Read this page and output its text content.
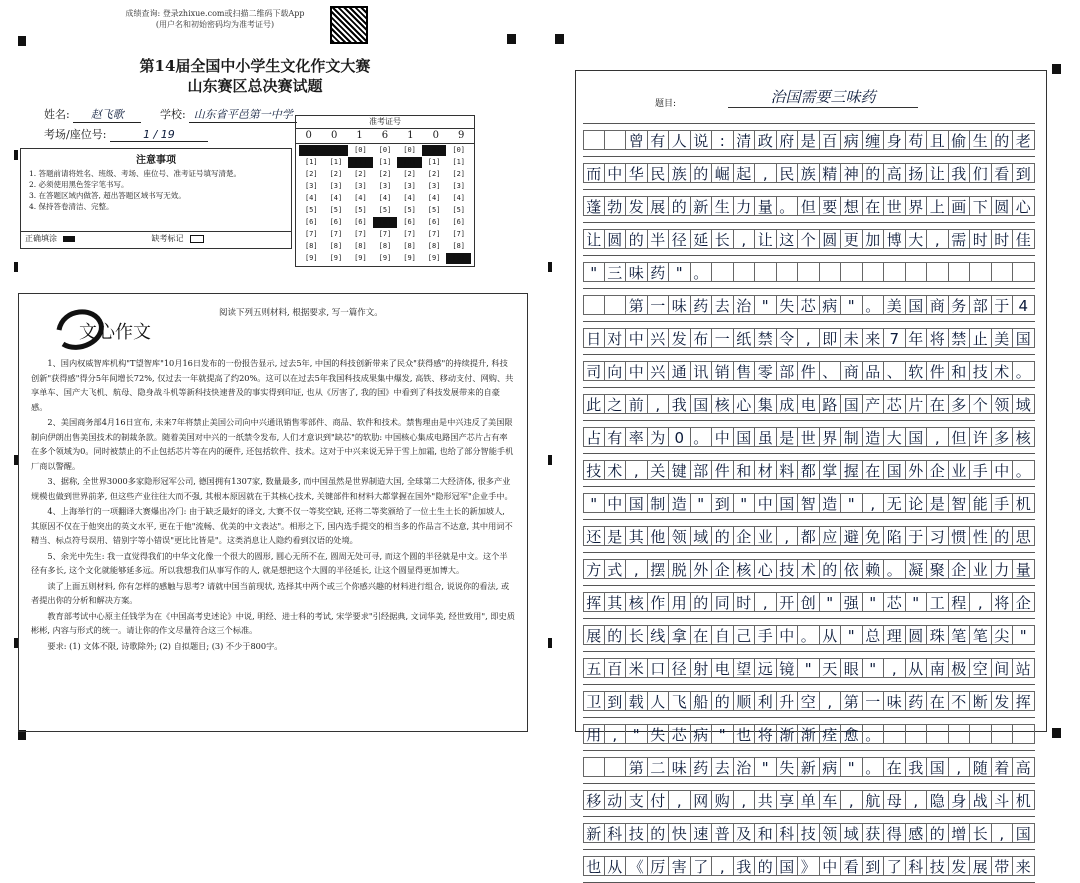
成绩查询: 登录zhixue.com或扫描二维码下载App
(用户名和初始密码均为准考证号)
第14届全国中小学生文化作文大赛
山东赛区总决赛试题
姓名: 赵飞歌	学校: 山东省平邑第一中学
考场/座位号:	1 / 19
注意事项
1. 答题前请将姓名、班级、考场、座位号、准考证号填写清楚。
2. 必须使用黑色签字笔书写。
3. 在答题区域内做答, 超出答题区域书写无效。
4. 保持答卷清洁、完整。
正确填涂	缺考标记
准考证号
0 0 1 6 1 0 9
[0]	[0]	[0]	[0]	[0]	[0]	[0]
[1]	[1]	[1]	[1]	[1]	[1]	[1]
[2]	[2]	[2]	[2]	[2]	[2]	[2]
[3]	[3]	[3]	[3]	[3]	[3]	[3]
[4]	[4]	[4]	[4]	[4]	[4]	[4]
[5]	[5]	[5]	[5]	[5]	[5]	[5]
[6]	[6]	[6]	[6]	[6]	[6]	[6]
[7]	[7]	[7]	[7]	[7]	[7]	[7]
[8]	[8]	[8]	[8]	[8]	[8]	[8]
[9]	[9]	[9]	[9]	[9]	[9]	[9]
文心作文
阅读下列五则材料, 根据要求, 写一篇作文。

1、国内权威智库机构"T望智库"10月16日发布的一份报告显示, 过去5年, 中国的科技创新带来了民众"获得感"的持续提升, 科技创新"获得感"得分5年间增长72%, 仅过去一年就提高了约20%。这可以在过去5年我国科技成果集中爆发, 高铁、移动支付、网购、共享单车、国产大飞机、航母、隐身战斗机等新科技快速普及的事实得到印证, 也从《厉害了, 我的国》中看到了科技发展带来的自豪感。

2、美国商务部4月16日宣布, 未来7年将禁止美国公司向中兴通讯销售零部件、商品、软件和技术。禁售理由是中兴违反了美国限制向伊朗出售美国技术的制裁条款。随着美国对中兴的一纸禁令发布, 人们才意识到"缺芯"的软肋: 中国核心集成电路国产芯片占有率在多个领域为0。同时被禁止的不止包括芯片等在内的硬件, 还包括软件、技术。这对于中兴来说无异于雪上加霜, 也给了部分智能手机厂商以警醒。

3、据称, 全世界3000多家隐形冠军公司, 德国拥有1307家, 数量最多, 而中国虽然是世界制造大国, 全球第二大经济体, 很多产业规模也做到世界前茅, 但这些产业往往大而不强, 其根本原因就在于其核心技术, 关键部件和材料大都掌握在国外"隐形冠军"企业手中。

4、上海举行的一项翻译大赛爆出冷门: 由于缺乏最好的译文, 大赛不仅一等奖空缺, 还将二等奖颁给了一位土生土长的新加坡人, 其原因不仅在于他突出的英文水平, 更在于他"流畅、优美的中文表达"。相形之下, 国内选手提交的相当多的作品言不达意, 其中用词不精当、标点符号误用、错别字等小错误"更比比皆是"。这类消息让人隐约看到汉语的处境。

5、余光中先生: 我一直觉得我们的中华文化像一个很大的圆形, 圆心无所不在, 圆周无处可寻, 而这个圆的半径就是中文。这个半径有多长, 这个文化就能够延多远。所以我想我们从事写作的人, 就是想把这个大圆的半径延长, 让这个圆显得更加博大。

读了上面五则材料, 你有怎样的感触与思考? 请就中国当前现状, 选择其中两个或三个你感兴趣的材料进行组合, 说说你的看法, 或者提出你的分析和解决方案。

教育部考试中心原主任钱学为在《中国高考史述论》中说, 明经、进士科的考试, 宋学要求"引经据典, 文词华美, 经世致用", 即史质彬彬, 内容与形式的统一。请让你的作文尽量符合这三个标准。

要求: (1) 文体不限, 诗歌除外; (2) 自拟题目; (3) 不少于800字。

题目:	治国需要三味药
曾 有 人 说 : 清 政 府 是 百 病 缠 身 苟 且 偷 生 的 老
而 中 华 民 族 的 崛 起 , 民 族 精 神 的 高 扬 让 我 们 看 到
蓬 勃 发 展 的 新 生 力 量 。 但 要 想 在 世 界 上 画 下 圆 心
让 圆 的 半 径 延 长 , 让 这 个 圆 更 加 博 大 , 需 时 时 佳
" 三 味 药 " 。
第 一 味 药 去 治 " 失 芯 病 " 。 美 国 商 务 部 于 4
日 对 中 兴 发 布 一 纸 禁 令 , 即 未 来 7 年 将 禁 止 美 国
司 向 中 兴 通 讯 销 售 零 部 件 、 商 品 、 软 件 和 技 术 。
此 之 前 , 我 国 核 心 集 成 电 路 国 产 芯 片 在 多 个 领 域
占 有 率 为 0 。 中 国 虽 是 世 界 制 造 大 国 , 但 许 多 核
技 术 , 关 键 部 件 和 材 料 都 掌 握 在 国 外 企 业 手 中 。
" 中 国 制 造 " 到 " 中 国 智 造 "	, 无 论 是 智 能 手 机
还 是 其 他 领 域 的 企 业 , 都 应 避 免 陷 于 习 惯 性 的 思
方 式 , 摆 脱 外 企 核 心 技 术 的 依 赖 。 凝 聚 企 业 力 量
挥 其 核 作 用 的 同 时 , 开 创 " 强 " 芯 " 工 程 , 将 企
展 的 长 线 拿 在 自 己 手 中 。 从 " 总 理 圆 珠 笔 笔 尖 "
五 百 米 口 径 射 电 望 远 镜 " 天 眼 "	, 从 南 极 空 间 站
卫 到 载 人 飞 船 的 顺 利 升 空 , 第 一 味 药 在 不 断 发 挥
用 ,	" 失 芯 病 " 也 将 渐 渐 痊 愈 。
第 二 味 药 去 治 " 失 新 病 " 。 在 我 国 , 随 着 高
移 动 支 付 , 网 购 , 共 享 单 车 , 航 母 , 隐 身 战 斗 机
新 科 技 的 快 速 普 及 和 科 技 领 域 获 得 感 的 增 长 , 国
也 从 《 厉 害 了 , 我 的 国 》 中 看 到 了 科 技 发 展 带 来
